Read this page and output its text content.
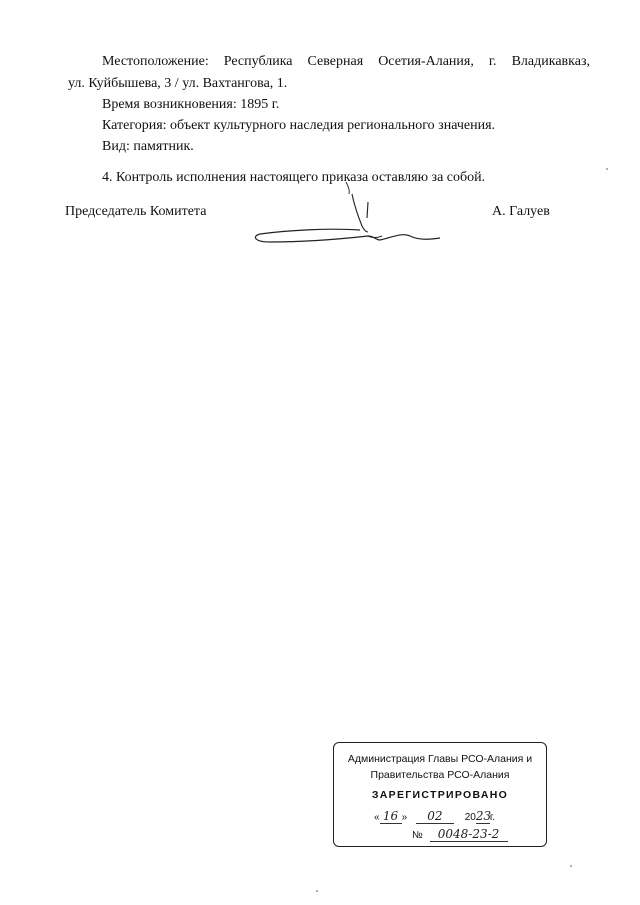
Местоположение: Республика Северная Осетия-Алания, г. Владикавказ,
ул. Куйбышева, 3 / ул. Вахтангова, 1.
Время возникновения: 1895 г.
Категория: объект культурного наследия регионального значения.
Вид: памятник.
4. Контроль исполнения настоящего приказа оставляю за собой.
Председатель Комитета	А. Галуев
Администрация Главы РСО-Алания и
Правительства РСО-Алания
ЗАРЕГИСТРИРОВАНО
« 16 » 02 2023г.
№ 0048-23-2
